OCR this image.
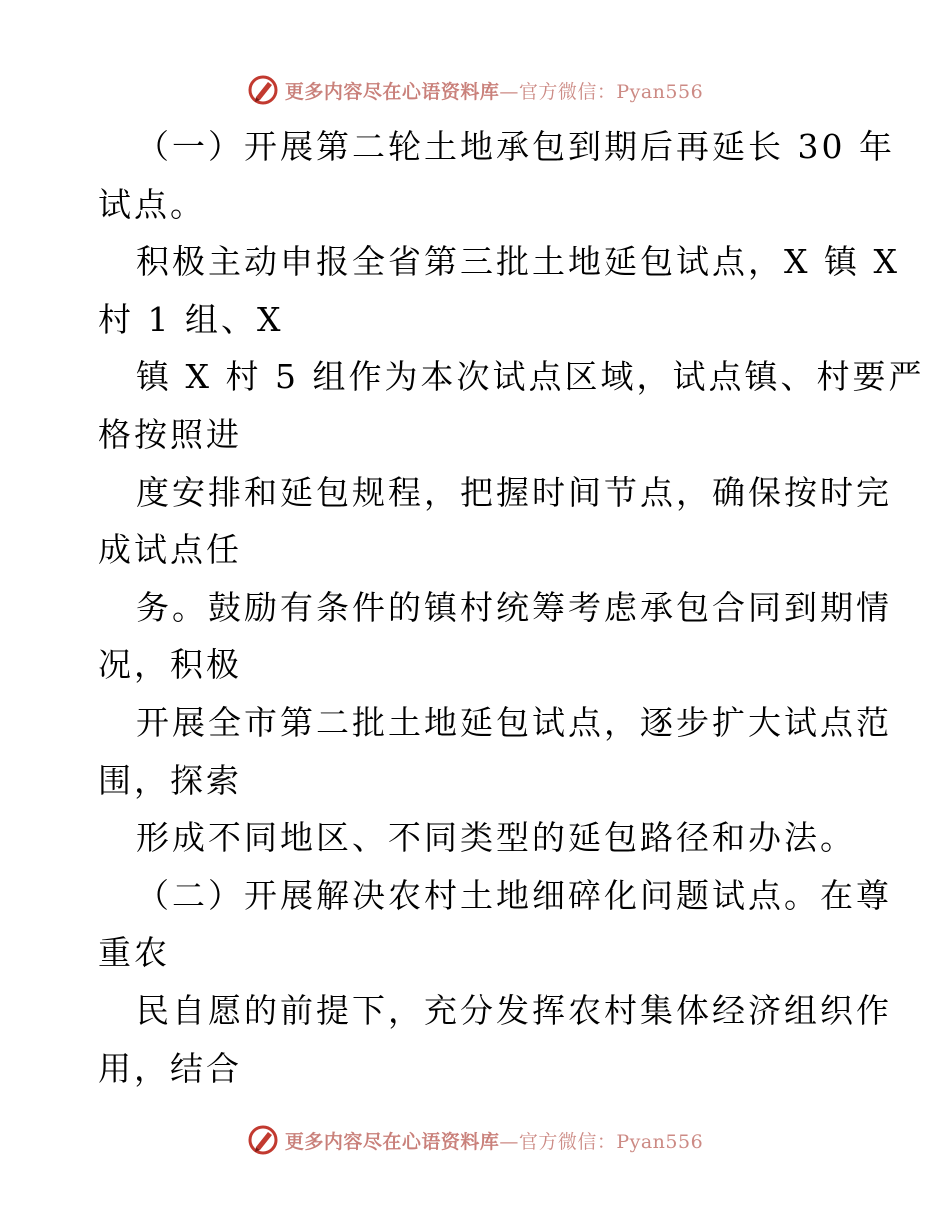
更多内容尽在心语资料库—官方微信：Pyan556
（一）开展第二轮土地承包到期后再延长 30 年
试点。
积极主动申报全省第三批土地延包试点，X 镇 X
村 1 组、X
镇 X 村 5 组作为本次试点区域，试点镇、村要严
格按照进
度安排和延包规程，把握时间节点，确保按时完
成试点任
务。鼓励有条件的镇村统筹考虑承包合同到期情
况，积极
开展全市第二批土地延包试点，逐步扩大试点范
围，探索
形成不同地区、不同类型的延包路径和办法。
（二）开展解决农村土地细碎化问题试点。在尊
重农
民自愿的前提下，充分发挥农村集体经济组织作
用，结合
更多内容尽在心语资料库—官方微信：Pyan556
